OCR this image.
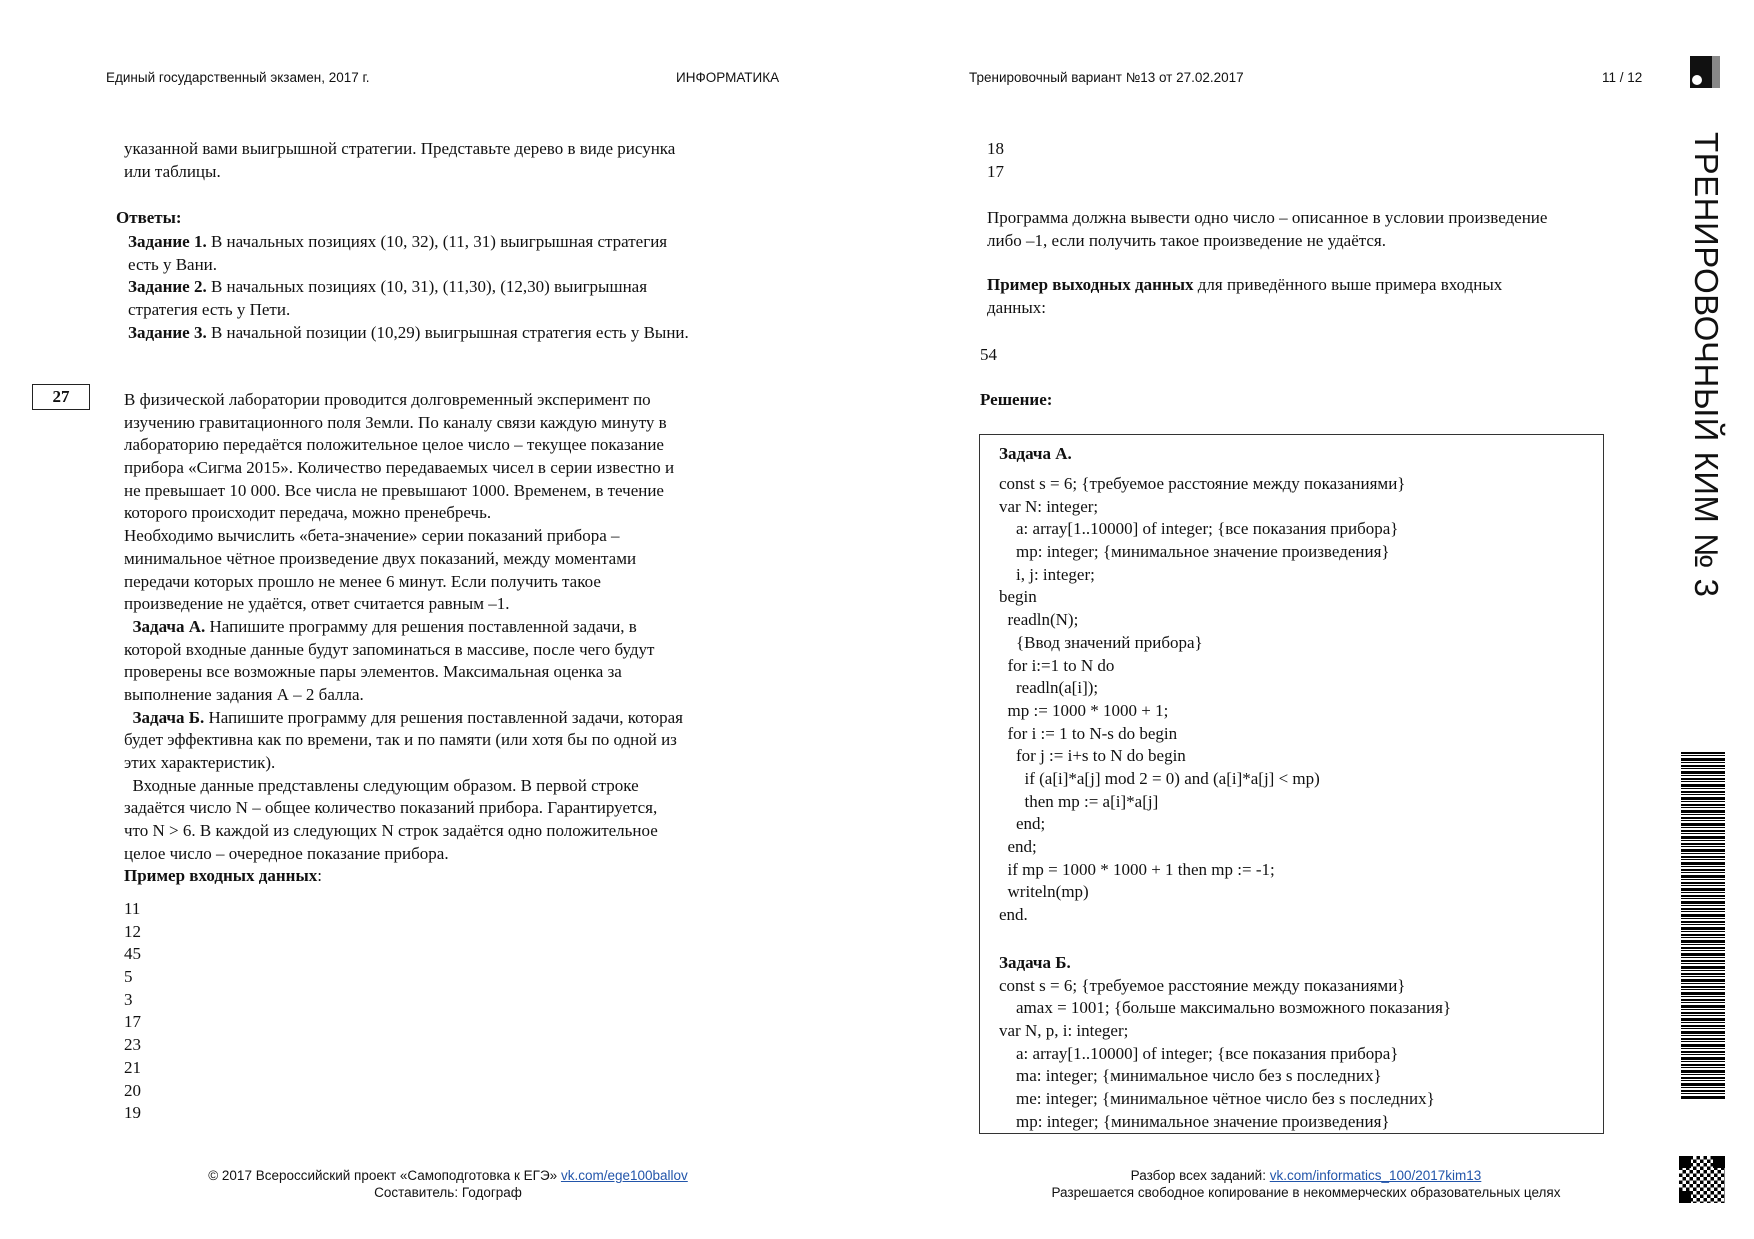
Единый государственный экзамен, 2017 г.	ИНФОРМАТИКА	Тренировочный вариант №13 от 27.02.2017	11 / 12
ТРЕНИРОВОЧНЫЙ КИМ № 3
указанной вами выигрышной стратегии. Представьте дерево в виде рисунка
или таблицы.
Ответы:
Задание 1. В начальных позициях (10, 32), (11, 31) выигрышная стратегия
есть у Вани.
Задание 2. В начальных позициях (10, 31), (11,30), (12,30) выигрышная
стратегия есть у Пети.
Задание 3. В начальной позиции (10,29) выигрышная стратегия есть у Выни.
27	В физической лаборатории проводится долговременный эксперимент по
изучению гравитационного поля Земли. По каналу связи каждую минуту в
лабораторию передаётся положительное целое число – текущее показание
прибора «Сигма 2015». Количество передаваемых чисел в серии известно и
не превышает 10 000. Все числа не превышают 1000. Временем, в течение
которого происходит передача, можно пренебречь.
Необходимо вычислить «бета-значение» серии показаний прибора –
минимальное чётное произведение двух показаний, между моментами
передачи которых прошло не менее 6 минут. Если получить такое
произведение не удаётся, ответ считается равным –1.
Задача А. Напишите программу для решения поставленной задачи, в
которой входные данные будут запоминаться в массиве, после чего будут
проверены все возможные пары элементов. Максимальная оценка за
выполнение задания А – 2 балла.
Задача Б. Напишите программу для решения поставленной задачи, которая
будет эффективна как по времени, так и по памяти (или хотя бы по одной из
этих характеристик).
Входные данные представлены следующим образом. В первой строке
задаётся число N – общее количество показаний прибора. Гарантируется,
что N > 6. В каждой из следующих N строк задаётся одно положительное
целое число – очередное показание прибора.
Пример входных данных:
11
12
45
5
3
17
23
21
20
19
18
17
Программа должна вывести одно число – описанное в условии произведение
либо –1, если получить такое произведение не удаётся.
Пример выходных данных для приведённого выше примера входных
данных:
54
Решение:
Задача А.
const s = 6; {требуемое расстояние между показаниями}
var N: integer;
a: array[1..10000] of integer; {все показания прибора}
mp: integer; {минимальное значение произведения}
i, j: integer;
begin
readln(N);
{Ввод значений прибора}
for i:=1 to N do
readln(a[i]);
mp := 1000 * 1000 + 1;
for i := 1 to N-s do begin
for j := i+s to N do begin
if (a[i]*a[j] mod 2 = 0) and (a[i]*a[j] < mp)
then mp := a[i]*a[j]
end;
end;
if mp = 1000 * 1000 + 1 then mp := -1;
writeln(mp)
end.
Задача Б.
const s = 6; {требуемое расстояние между показаниями}
amax = 1001; {больше максимально возможного показания}
var N, p, i: integer;
a: array[1..10000] of integer; {все показания прибора}
ma: integer; {минимальное число без s последних}
me: integer; {минимальное чётное число без s последних}
mp: integer; {минимальное значение произведения}
© 2017 Всероссийский проект «Самоподготовка к ЕГЭ» vk.com/ege100ballov
Составитель: Годограф
Разбор всех заданий: vk.com/informatics_100/2017kim13
Разрешается свободное копирование в некоммерческих образовательных целях
